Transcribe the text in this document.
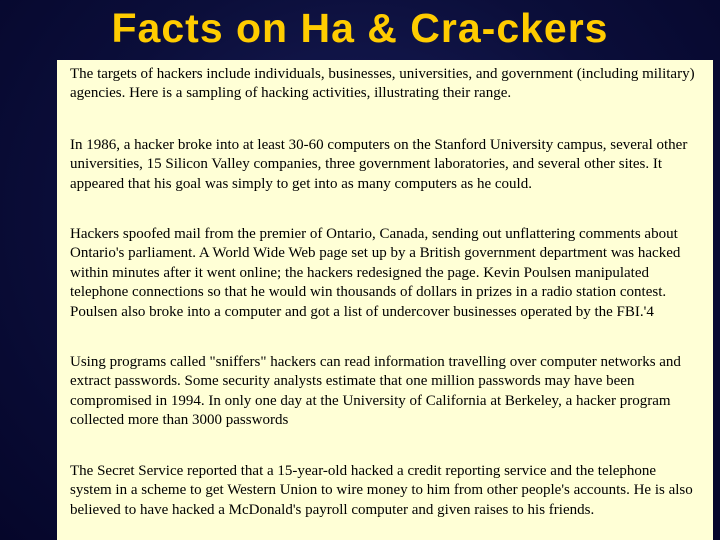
Facts on Ha & Cra-ckers

The targets of hackers include individuals, businesses, universities, and government (including military) agencies. Here is a sampling of hacking activities, illustrating their range.

In 1986, a hacker broke into at least 30-60 computers on the Stanford University campus, several other universities, 15 Silicon Valley companies, three government laboratories, and several other sites. It appeared that his goal was simply to get into as many computers as he could.

Hackers spoofed mail from the premier of Ontario, Canada, sending out unflattering comments about Ontario's parliament. A World Wide Web page set up by a British government department was hacked within minutes after it went online; the hackers redesigned the page. Kevin Poulsen manipulated telephone connections so that he would win thousands of dollars in prizes in a radio station contest. Poulsen also broke into a computer and got a list of undercover businesses operated by the FBI.'4

Using programs called "sniffers" hackers can read information travelling over computer networks and extract passwords. Some security analysts estimate that one million passwords may have been compromised in 1994. In only one day at the University of California at Berkeley, a hacker program collected more than 3000 passwords

The Secret Service reported that a 15-year-old hacked a credit reporting service and the telephone system in a scheme to get Western Union to wire money to him from other people's accounts. He is also believed to have hacked a McDonald's payroll computer and given raises to his friends.
